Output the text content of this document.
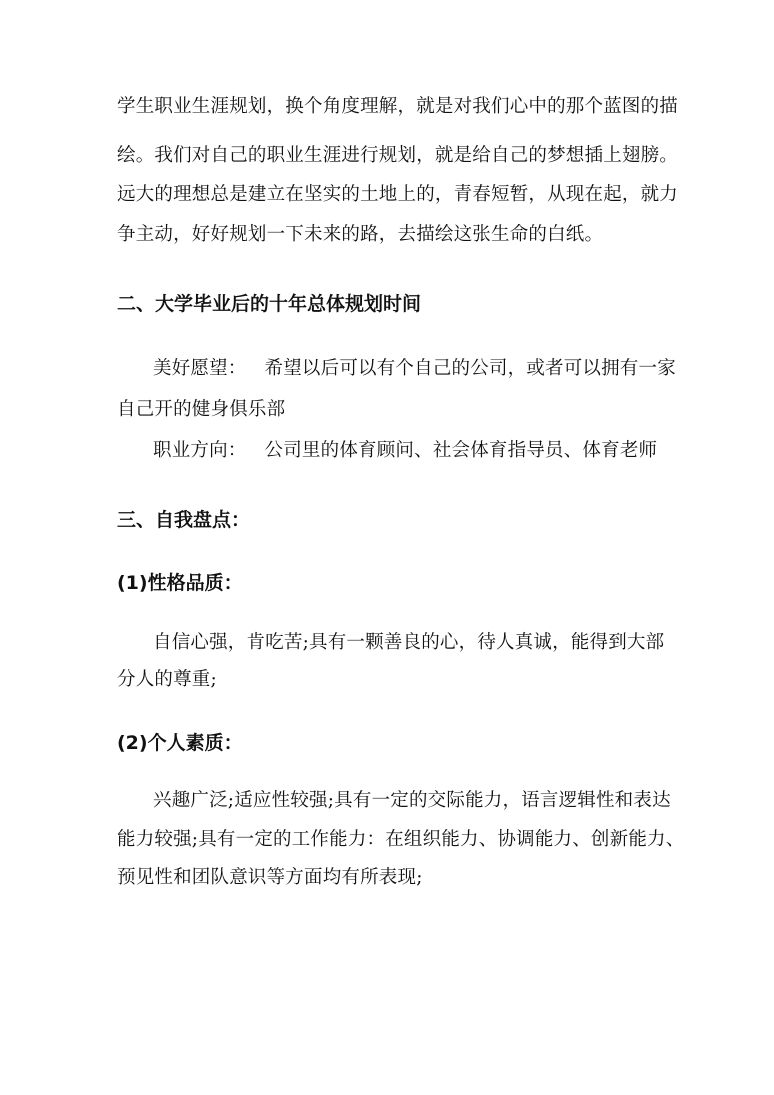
学生职业生涯规划，换个角度理解，就是对我们心中的那个蓝图的描
绘。我们对自己的职业生涯进行规划，就是给自己的梦想插上翅膀。
远大的理想总是建立在坚实的土地上的，青春短暂，从现在起，就力
争主动，好好规划一下未来的路，去描绘这张生命的白纸。
二、大学毕业后的十年总体规划时间
美好愿望： 希望以后可以有个自己的公司，或者可以拥有一家
自己开的健身俱乐部
职业方向： 公司里的体育顾问、社会体育指导员、体育老师
三、自我盘点：
(1)性格品质：
自信心强，肯吃苦;具有一颗善良的心，待人真诚，能得到大部
分人的尊重;
(2)个人素质：
兴趣广泛;适应性较强;具有一定的交际能力，语言逻辑性和表达
能力较强;具有一定的工作能力：在组织能力、协调能力、创新能力、
预见性和团队意识等方面均有所表现;
